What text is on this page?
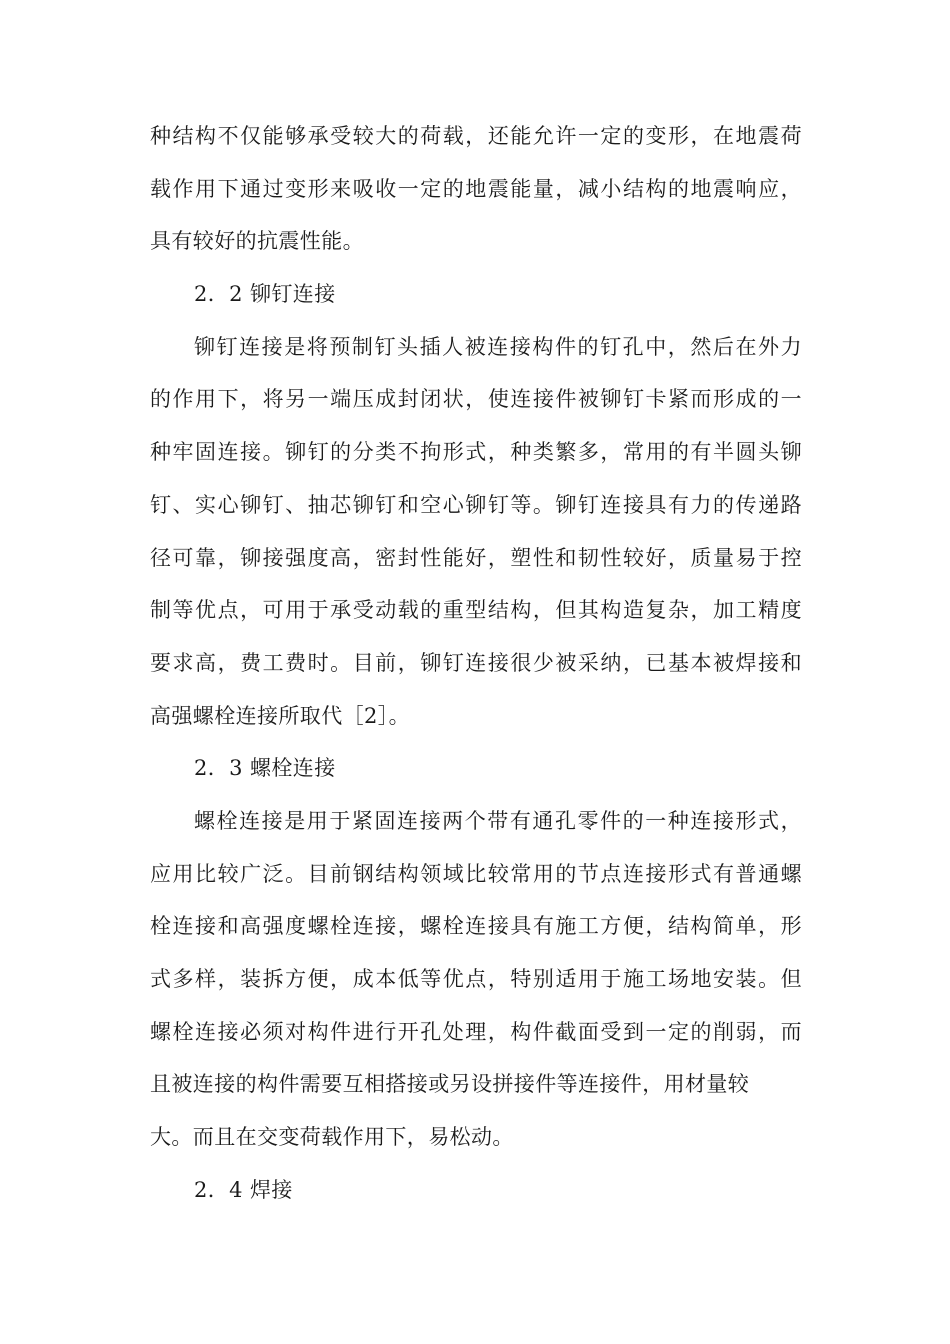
种结构不仅能够承受较大的荷载，还能允许一定的变形，在地震荷
载作用下通过变形来吸收一定的地震能量，减小结构的地震响应，
具有较好的抗震性能。
2．2 铆钉连接
铆钉连接是将预制钉头插人被连接构件的钉孔中，然后在外力
的作用下，将另一端压成封闭状，使连接件被铆钉卡紧而形成的一
种牢固连接。铆钉的分类不拘形式，种类繁多，常用的有半圆头铆
钉、实心铆钉、抽芯铆钉和空心铆钉等。铆钉连接具有力的传递路
径可靠，铆接强度高，密封性能好，塑性和韧性较好，质量易于控
制等优点，可用于承受动载的重型结构，但其构造复杂，加工精度
要求高，费工费时。目前，铆钉连接很少被采纳，已基本被焊接和
高强螺栓连接所取代［2］。
2．3 螺栓连接
螺栓连接是用于紧固连接两个带有通孔零件的一种连接形式，
应用比较广泛。目前钢结构领域比较常用的节点连接形式有普通螺
栓连接和高强度螺栓连接，螺栓连接具有施工方便，结构简单，形
式多样，装拆方便，成本低等优点，特别适用于施工场地安装。但
螺栓连接必须对构件进行开孔处理，构件截面受到一定的削弱，而
且被连接的构件需要互相搭接或另设拼接件等连接件，用材量较
大。而且在交变荷载作用下，易松动。
2．4 焊接
